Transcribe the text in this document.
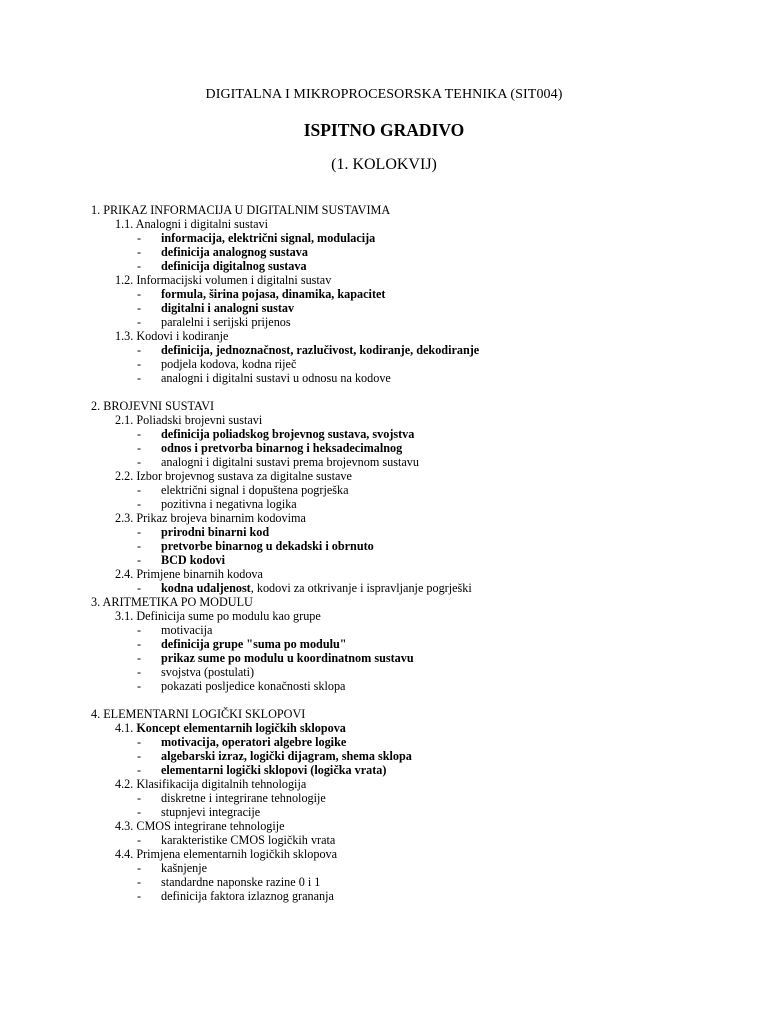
DIGITALNA I MIKROPROCESORSKA TEHNIKA (SIT004)
ISPITNO GRADIVO
(1. KOLOKVIJ)
1. PRIKAZ INFORMACIJA U DIGITALNIM SUSTAVIMA
1.1. Analogni i digitalni sustavi
- informacija, električni signal, modulacija
- definicija analognog sustava
- definicija digitalnog sustava
1.2. Informacijski volumen i digitalni sustav
- formula, širina pojasa, dinamika, kapacitet
- digitalni i analogni sustav
- paralelni i serijski prijenos
1.3. Kodovi i kodiranje
- definicija, jednoznačnost, razlučivost, kodiranje, dekodiranje
- podjela kodova, kodna riječ
- analogni i digitalni sustavi u odnosu na kodove
2. BROJEVNI SUSTAVI
2.1. Poliadski brojevni sustavi
- definicija poliadskog brojevnog sustava, svojstva
- odnos i pretvorba binarnog i heksadecimalnog
- analogni i digitalni sustavi prema brojevnom sustavu
2.2. Izbor brojevnog sustava za digitalne sustave
- električni signal i dopuštena pogrješka
- pozitivna i negativna logika
2.3. Prikaz brojeva binarnim kodovima
- prirodni binarni kod
- pretvorbe binarnog u dekadski i obrnuto
- BCD kodovi
2.4. Primjene binarnih kodova
- kodna udaljenost, kodovi za otkrivanje i ispravljanje pogrješki
3. ARITMETIKA PO MODULU
3.1. Definicija sume po modulu kao grupe
- motivacija
- definicija grupe "suma po modulu"
- prikaz sume po modulu u koordinatnom sustavu
- svojstva (postulati)
- pokazati posljedice konačnosti sklopa
4. ELEMENTARNI LOGIČKI SKLOPOVI
4.1. Koncept elementarnih logičkih sklopova
- motivacija, operatori algebre logike
- algebarski izraz, logički dijagram, shema sklopa
- elementarni logički sklopovi (logička vrata)
4.2. Klasifikacija digitalnih tehnologija
- diskretne i integrirane tehnologije
- stupnjevi integracije
4.3. CMOS integrirane tehnologije
- karakteristike CMOS logičkih vrata
4.4. Primjena elementarnih logičkih sklopova
- kašnjenje
- standardne naponske razine 0 i 1
- definicija faktora izlaznog grananja
